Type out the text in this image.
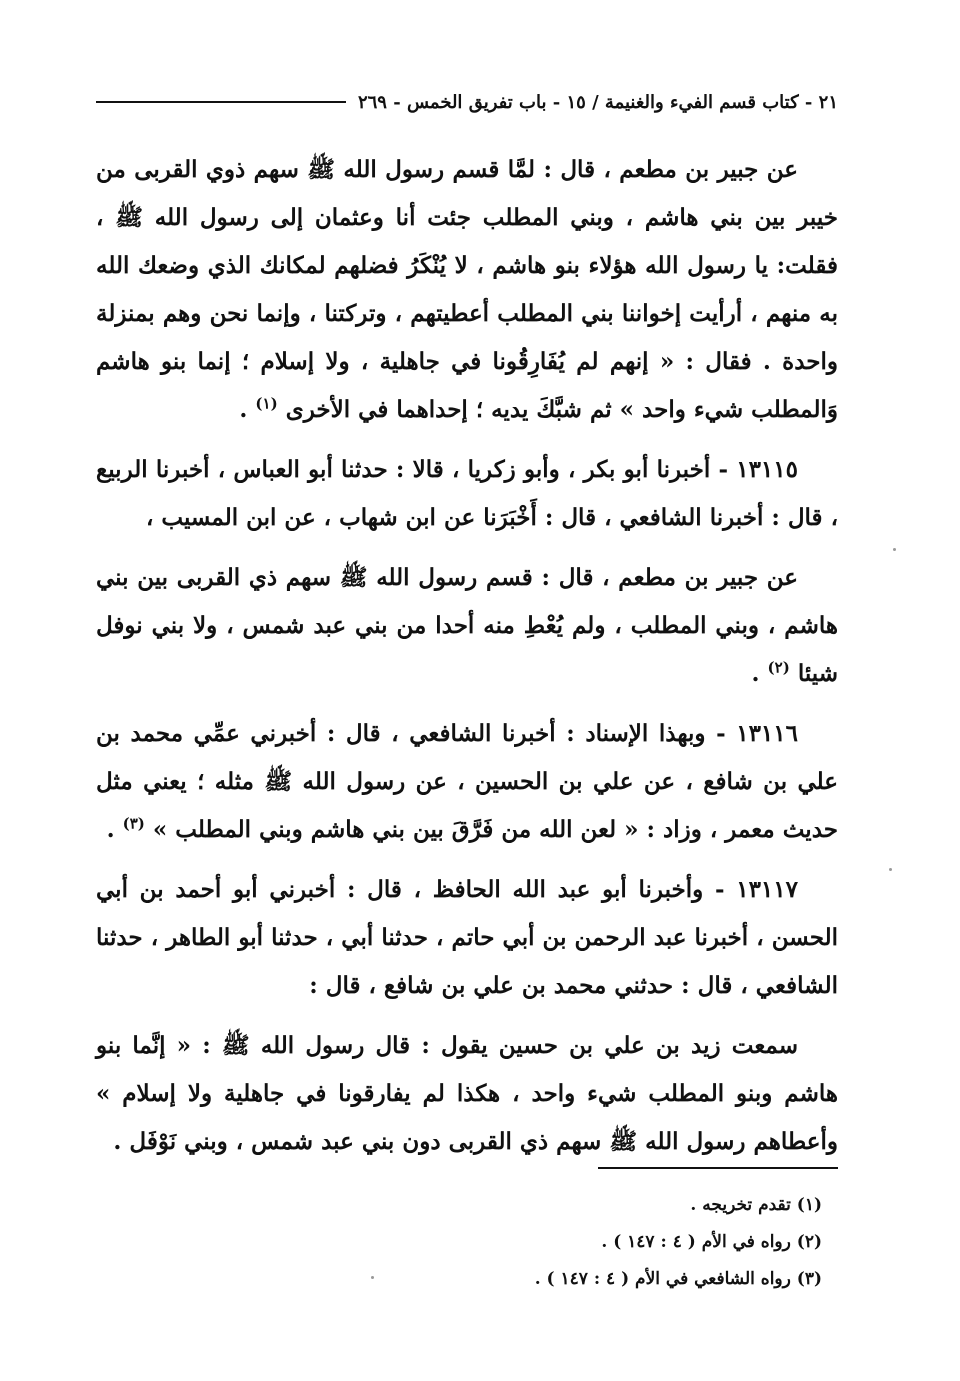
٢١ - كتاب قسم الفيء والغنيمة / ١٥ - باب تفريق الخمس - ٢٦٩

عن جبير بن مطعم ، قال : لمَّا قسم رسول الله ﷺ سهم ذوي القربى من خيبر بين بني هاشم ، وبني المطلب جئت أنا وعثمان إلى رسول الله ﷺ ، فقلت: يا رسول الله هؤلاء بنو هاشم ، لا يُنْكَرُ فضلهم لمكانك الذي وضعك الله به منهم ، أرأيت إخواننا بني المطلب أعطيتهم ، وتركتنا ، وإنما نحن وهم بمنزلة واحدة . فقال : « إنهم لم يُفَارِقُونا في جاهلية ، ولا إسلام ؛ إنما بنو هاشم وَالمطلب شيء واحد » ثم شبَّكَ يديه ؛ إحداهما في الأخرى $^{(١)}$ .

١٣١١٥ - أخبرنا أبو بكر ، وأبو زكريا ، قالا : حدثنا أبو العباس ، أخبرنا الربيع ، قال : أخبرنا الشافعي ، قال : أَخْبَرَنا عن ابن شهاب ، عن ابن المسيب ،

عن جبير بن مطعم ، قال : قسم رسول الله ﷺ سهم ذي القربى بين بني هاشم ، وبني المطلب ، ولم يُعْطِ منه أحدا من بني عبد شمس ، ولا بني نوفل شيئا $^{(٢)}$ .

١٣١١٦ - وبهذا الإسناد : أخبرنا الشافعي ، قال : أخبرني عمِّي محمد بن علي بن شافع ، عن علي بن الحسين ، عن رسول الله ﷺ مثله ؛ يعني مثل حديث معمر ، وزاد : « لعن الله من فَرَّقَ بين بني هاشم وبني المطلب » $^{(٣)}$ .

١٣١١٧ - وأخبرنا أبو عبد الله الحافظ ، قال : أخبرني أبو أحمد بن أبي الحسن ، أخبرنا عبد الرحمن بن أبي حاتم ، حدثنا أبي ، حدثنا أبو الطاهر ، حدثنا الشافعي ، قال : حدثني محمد بن علي بن شافع ، قال :

سمعت زيد بن علي بن حسين يقول : قال رسول الله ﷺ : « إنَّما بنو هاشم وبنو المطلب شيء واحد ، هكذا لم يفارقونا في جاهلية ولا إسلام » وأعطاهم رسول الله ﷺ سهم ذي القربى دون بني عبد شمس ، وبني نَوْفَل .

(١) تقدم تخريجه .

(٢) رواه في الأم ( ٤ : ١٤٧ ) .

(٣) رواه الشافعي في الأم ( ٤ : ١٤٧ ) .
